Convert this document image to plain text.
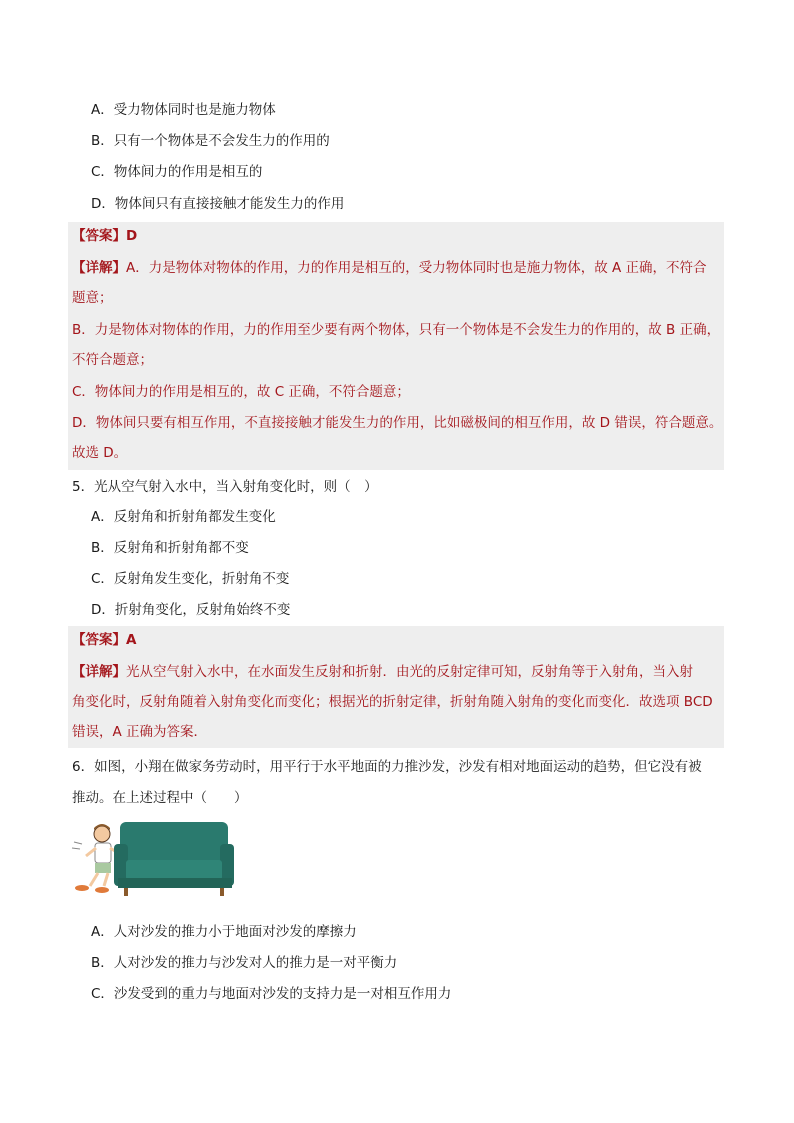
A．受力物体同时也是施力物体
B．只有一个物体是不会发生力的作用的
C．物体间力的作用是相互的
D．物体间只有直接接触才能发生力的作用
【答案】D
【详解】A．力是物体对物体的作用，力的作用是相互的，受力物体同时也是施力物体，故 A 正确，不符合
题意；
B．力是物体对物体的作用，力的作用至少要有两个物体，只有一个物体是不会发生力的作用的，故 B 正确，
不符合题意；
C．物体间力的作用是相互的，故 C 正确，不符合题意；
D．物体间只要有相互作用，不直接接触才能发生力的作用，比如磁极间的相互作用，故 D 错误，符合题意。
故选 D。
5．光从空气射入水中，当入射角变化时，则（　）
A．反射角和折射角都发生变化
B．反射角和折射角都不变
C．反射角发生变化，折射角不变
D．折射角变化，反射角始终不变
【答案】A
【详解】光从空气射入水中，在水面发生反射和折射．由光的反射定律可知，反射角等于入射角，当入射
角变化时，反射角随着入射角变化而变化；根据光的折射定律，折射角随入射角的变化而变化．故选项 BCD
错误，A 正确为答案．
6．如图，小翔在做家务劳动时，用平行于水平地面的力推沙发，沙发有相对地面运动的趋势，但它没有被
推动。在上述过程中（　　）
A．人对沙发的推力小于地面对沙发的摩擦力
B．人对沙发的推力与沙发对人的推力是一对平衡力
C．沙发受到的重力与地面对沙发的支持力是一对相互作用力
